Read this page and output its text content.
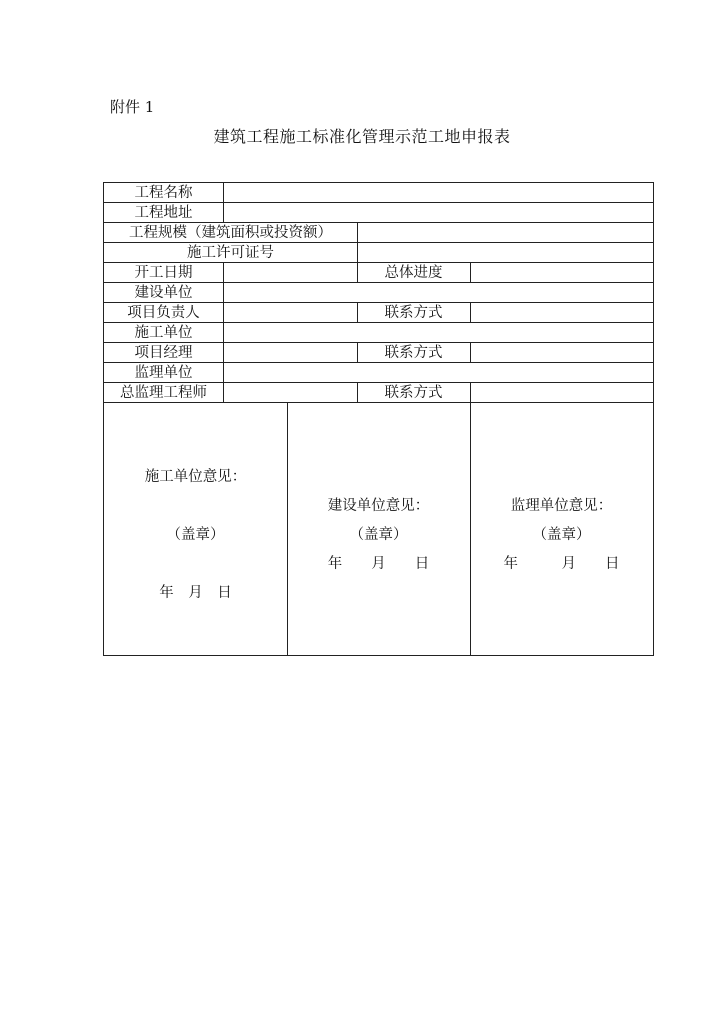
附件 1
建筑工程施工标准化管理示范工地申报表
工程名称
工程地址
工程规模（建筑面积或投资额）
施工许可证号
开工日期	总体进度
建设单位
项目负责人	联系方式
施工单位
项目经理	联系方式
监理单位
总监理工程师	联系方式
施工单位意见：
（盖章）
年　月　日
建设单位意见：
（盖章）
年　　月　　日
监理单位意见：
（盖章）
年　　　月　　日
